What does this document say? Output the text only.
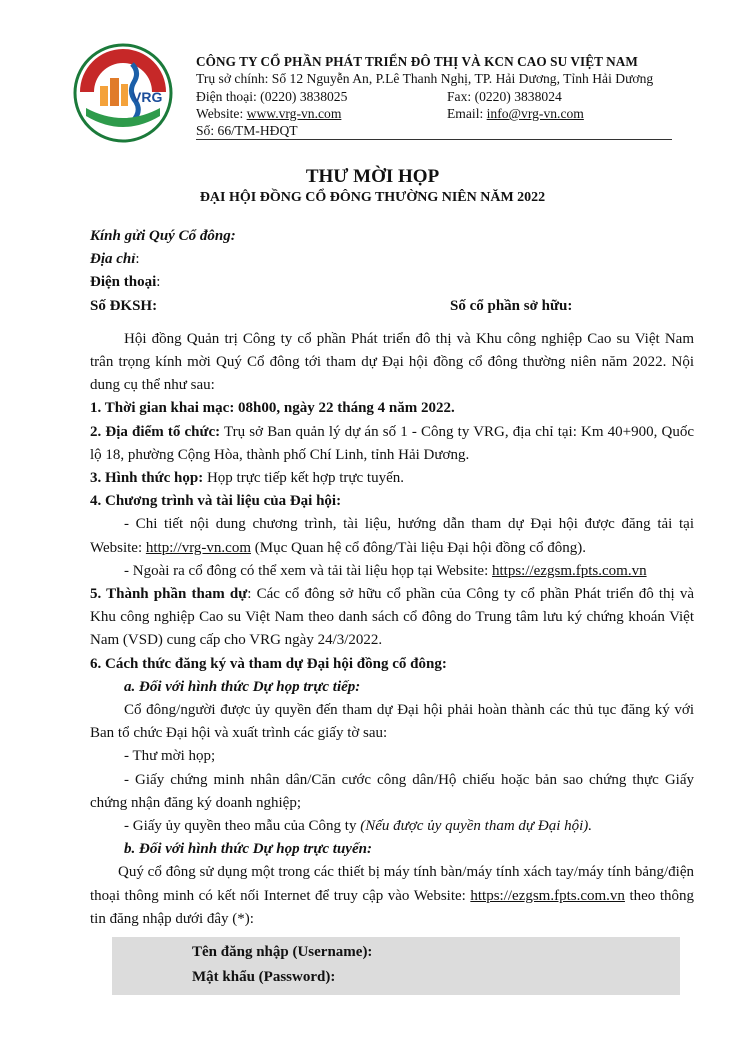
VRG
CÔNG TY CỔ PHẦN PHÁT TRIỂN ĐÔ THỊ VÀ KCN CAO SU VIỆT NAM
Trụ sở chính: Số 12 Nguyễn An, P.Lê Thanh Nghị, TP. Hải Dương, Tỉnh Hải Dương
Điện thoại: (0220) 3838025	Fax: (0220) 3838024
Website: www.vrg-vn.com	Email: info@vrg-vn.com
Số: 66/TM-HĐQT
THƯ MỜI HỌP
ĐẠI HỘI ĐỒNG CỔ ĐÔNG THƯỜNG NIÊN NĂM 2022

Kính gửi Quý Cổ đông:

Địa chỉ:

Điện thoại:

Số ĐKSH:	Số cổ phần sở hữu:

Hội đồng Quản trị Công ty cổ phần Phát triển đô thị và Khu công nghiệp Cao su Việt Nam trân trọng kính mời Quý Cổ đông tới tham dự Đại hội đồng cổ đông thường niên năm 2022. Nội dung cụ thể như sau:

1. Thời gian khai mạc: 08h00, ngày 22 tháng 4 năm 2022.

2. Địa điểm tổ chức: Trụ sở Ban quản lý dự án số 1 - Công ty VRG, địa chỉ tại: Km 40+900, Quốc lộ 18, phường Cộng Hòa, thành phố Chí Linh, tỉnh Hải Dương.

3. Hình thức họp: Họp trực tiếp kết hợp trực tuyến.

4. Chương trình và tài liệu của Đại hội:

- Chi tiết nội dung chương trình, tài liệu, hướng dẫn tham dự Đại hội được đăng tải tại Website: http://vrg-vn.com (Mục Quan hệ cổ đông/Tài liệu Đại hội đồng cổ đông).

- Ngoài ra cổ đông có thể xem và tải tài liệu họp tại Website: https://ezgsm.fpts.com.vn

5. Thành phần tham dự: Các cổ đông sở hữu cổ phần của Công ty cổ phần Phát triển đô thị và Khu công nghiệp Cao su Việt Nam theo danh sách cổ đông do Trung tâm lưu ký chứng khoán Việt Nam (VSD) cung cấp cho VRG ngày 24/3/2022.

6. Cách thức đăng ký và tham dự Đại hội đồng cổ đông:

a. Đối với hình thức Dự họp trực tiếp:

Cổ đông/người được ủy quyền đến tham dự Đại hội phải hoàn thành các thủ tục đăng ký với Ban tổ chức Đại hội và xuất trình các giấy tờ sau:

- Thư mời họp;

- Giấy chứng minh nhân dân/Căn cước công dân/Hộ chiếu hoặc bản sao chứng thực Giấy chứng nhận đăng ký doanh nghiệp;

- Giấy ủy quyền theo mẫu của Công ty (Nếu được ủy quyền tham dự Đại hội).

b. Đối với hình thức Dự họp trực tuyến:

Quý cổ đông sử dụng một trong các thiết bị máy tính bàn/máy tính xách tay/máy tính bảng/điện thoại thông minh có kết nối Internet để truy cập vào Website: https://ezgsm.fpts.com.vn theo thông tin đăng nhập dưới đây (*):

Tên đăng nhập (Username):

Mật khẩu (Password):
